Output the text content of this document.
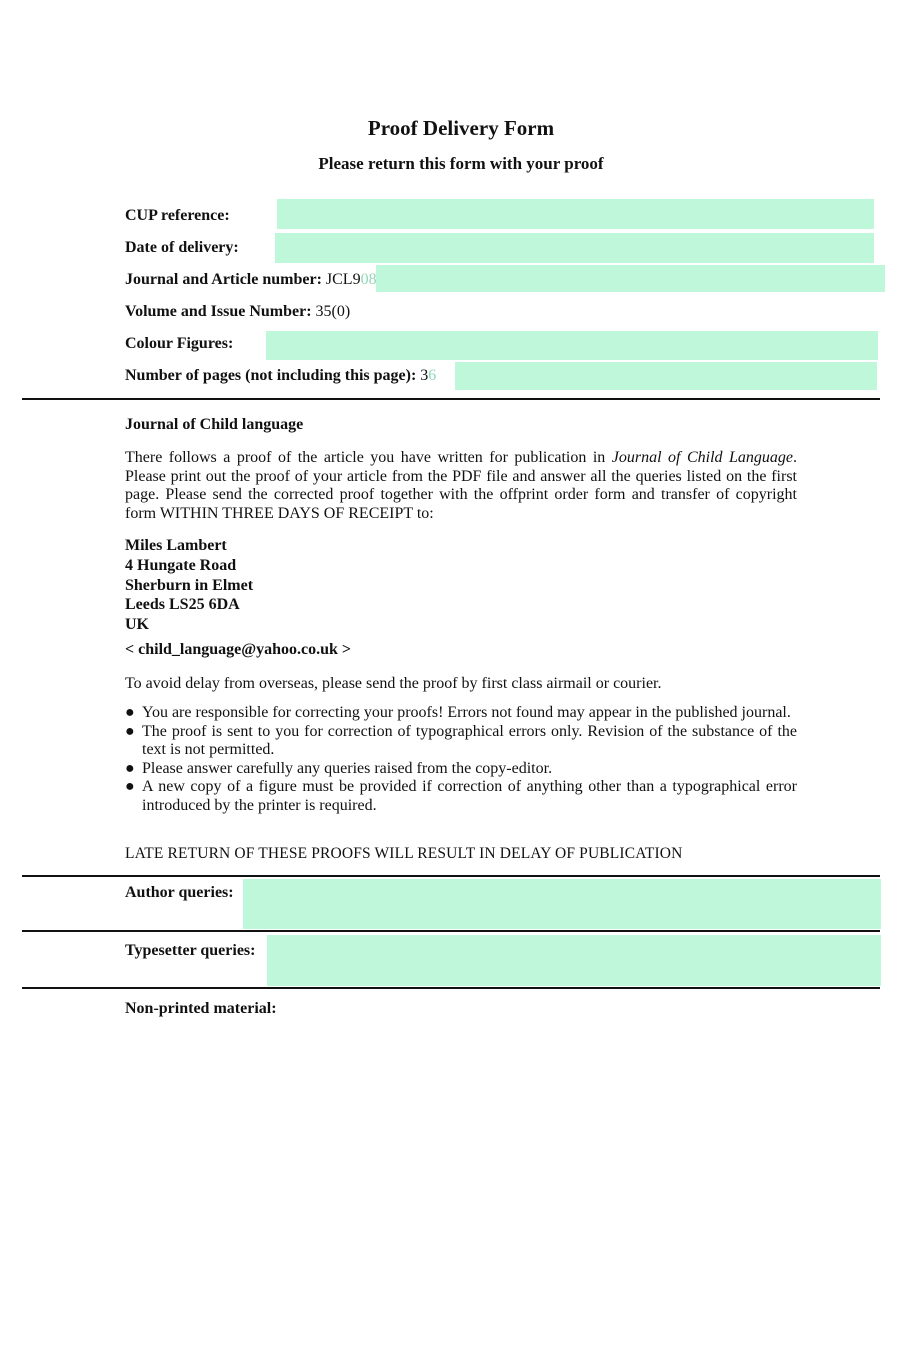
Proof Delivery Form
Please return this form with your proof
CUP reference:
Date of delivery:
Journal and Article number: JCL908
Volume and Issue Number: 35(0)
Colour Figures:
Number of pages (not including this page): 36
Journal of Child language
There follows a proof of the article you have written for publication in Journal of Child Language. Please print out the proof of your article from the PDF file and answer all the queries listed on the first page. Please send the corrected proof together with the offprint order form and transfer of copyright form WITHIN THREE DAYS OF RECEIPT to:
Miles Lambert
4 Hungate Road
Sherburn in Elmet
Leeds LS25 6DA
UK
< child_language@yahoo.co.uk >
To avoid delay from overseas, please send the proof by first class airmail or courier.
● You are responsible for correcting your proofs! Errors not found may appear in the published journal.
● The proof is sent to you for correction of typographical errors only. Revision of the substance of the text is not permitted.
● Please answer carefully any queries raised from the copy-editor.
● A new copy of a figure must be provided if correction of anything other than a typographical error introduced by the printer is required.
LATE RETURN OF THESE PROOFS WILL RESULT IN DELAY OF PUBLICATION
Author queries:
Typesetter queries:
Non-printed material:
